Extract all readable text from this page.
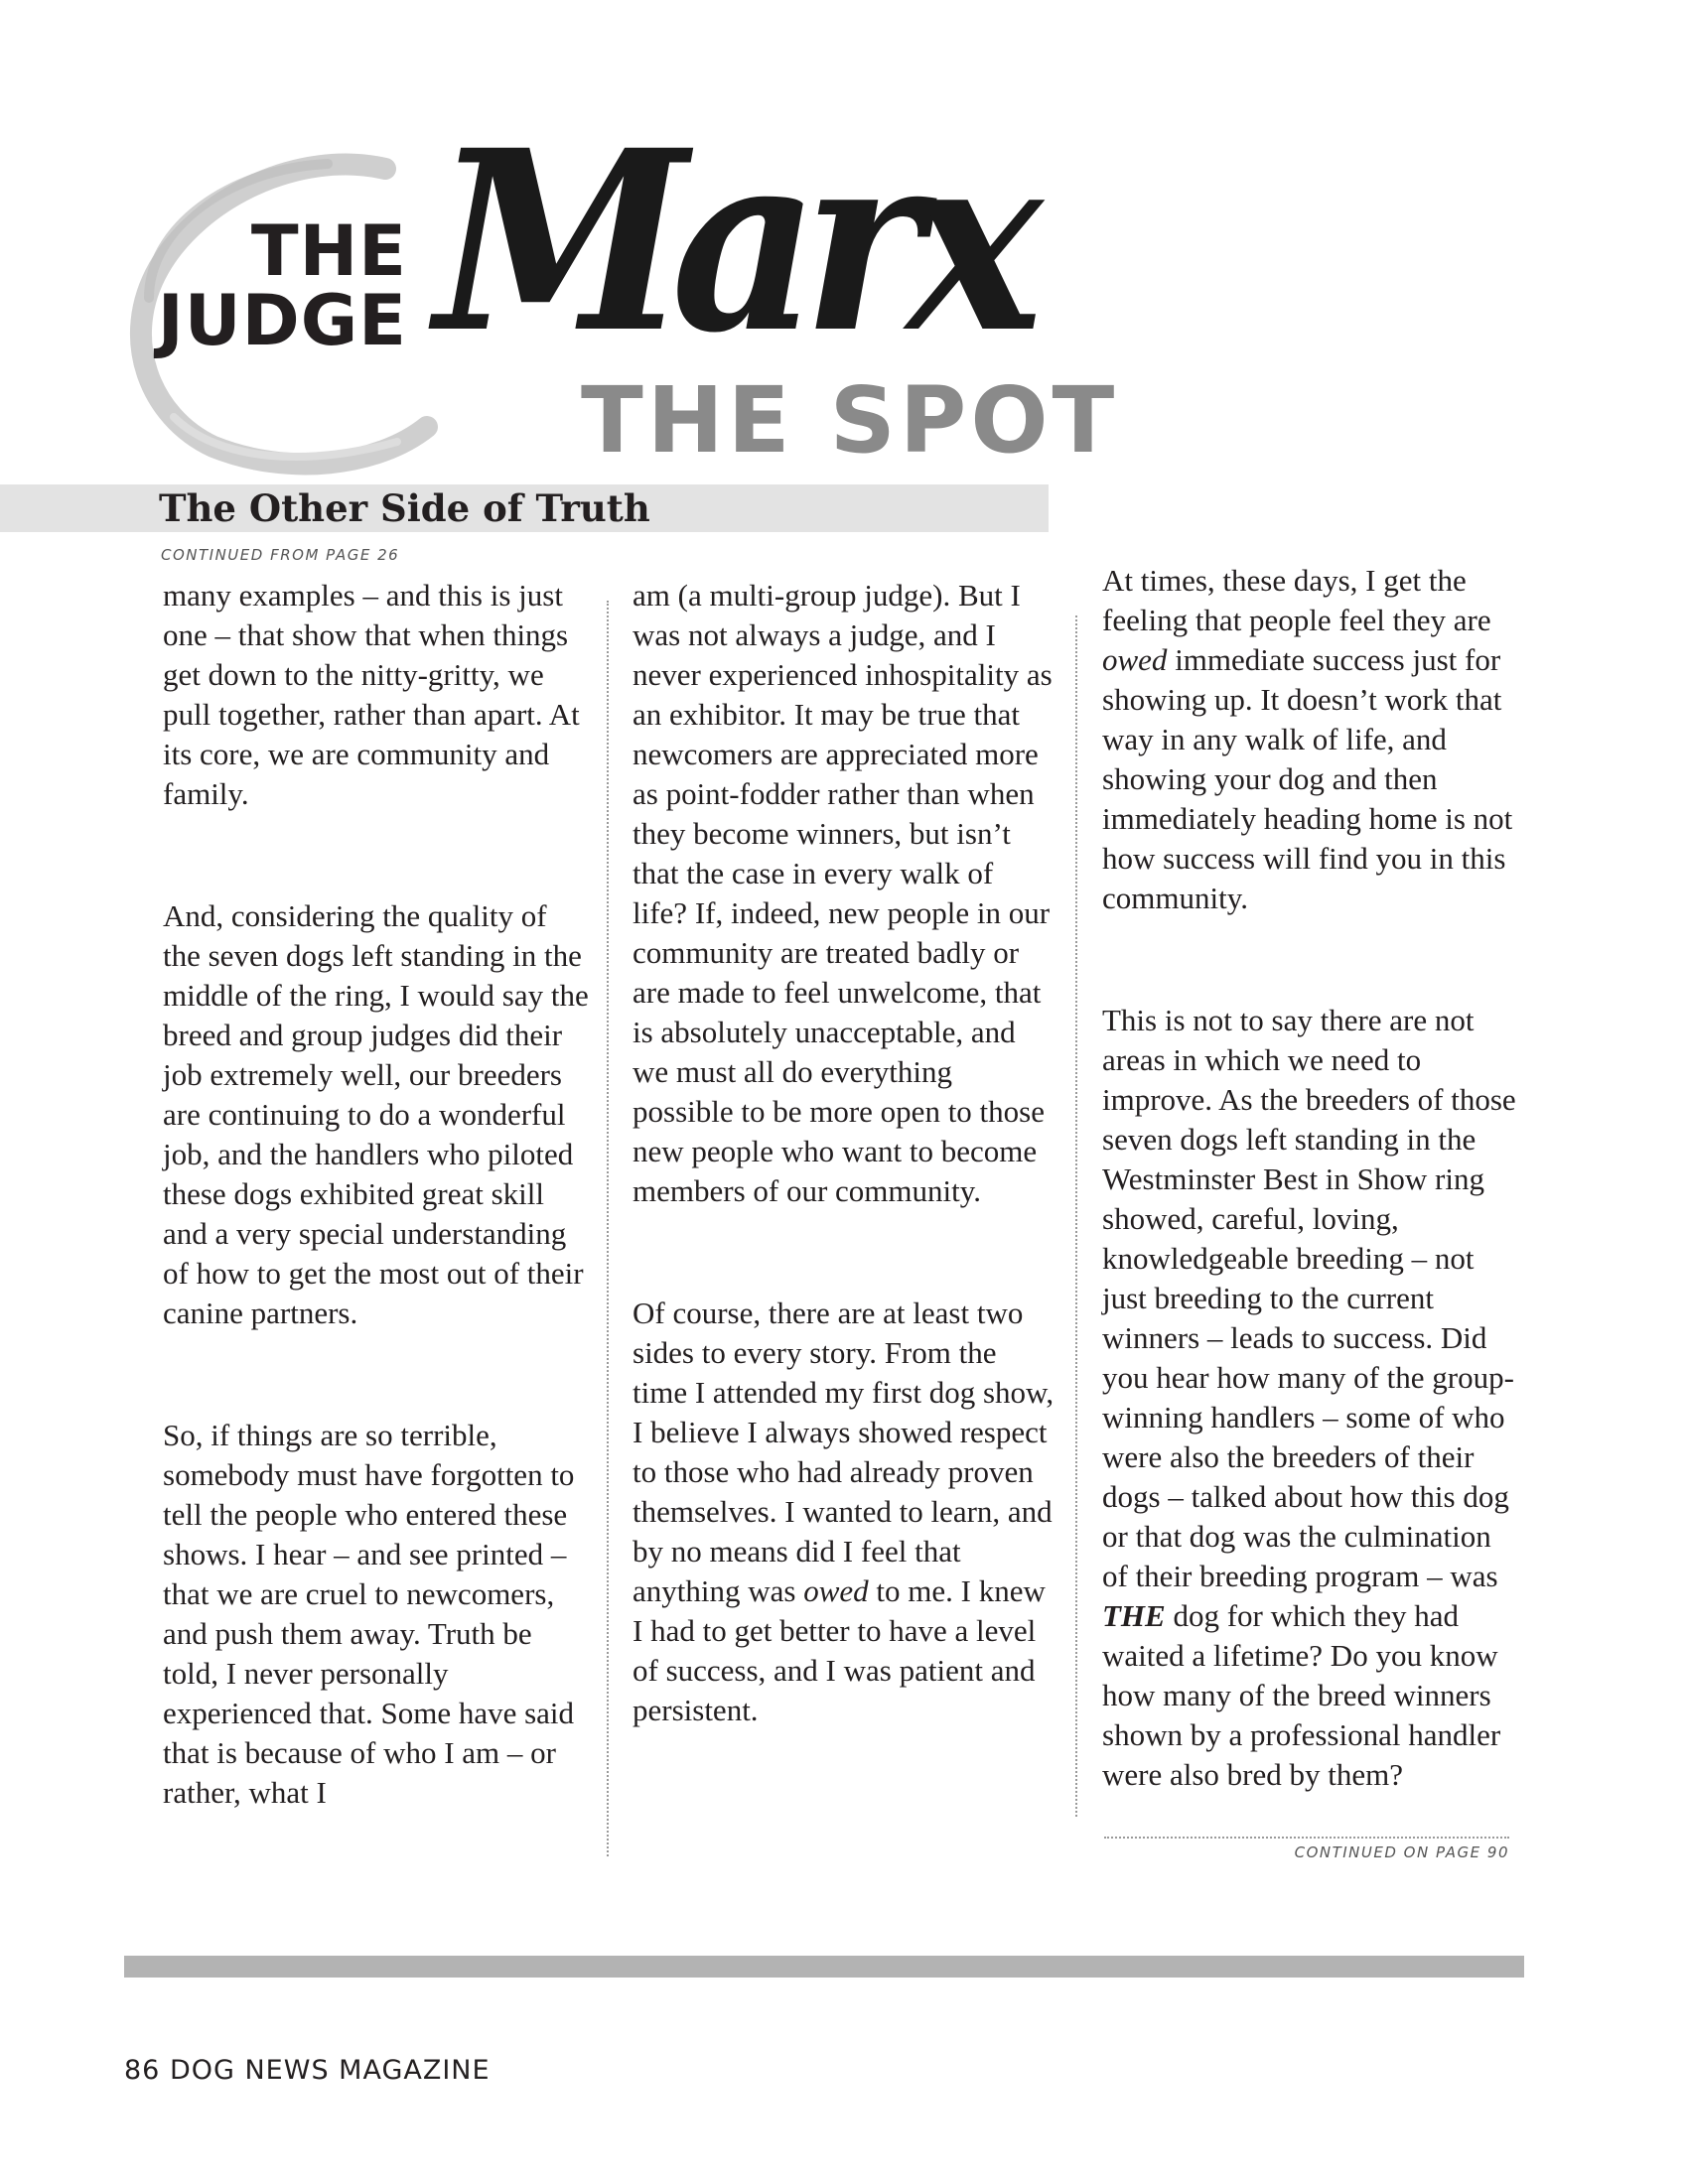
THE
JUDGE Marx
THE SPOT
The Other Side of Truth
CONTINUED FROM PAGE 26

many examples – and this is just one – that show that when things get down to the nitty-gritty, we pull together, rather than apart. At its core, we are community and family.

And, considering the quality of the seven dogs left standing in the middle of the ring, I would say the breed and group judges did their job extremely well, our breeders are continuing to do a wonderful job, and the handlers who piloted these dogs exhibited great skill and a very special understanding of how to get the most out of their canine partners.

So, if things are so terrible, somebody must have forgotten to tell the people who entered these shows. I hear – and see printed – that we are cruel to newcomers, and push them away. Truth be told, I never personally experienced that. Some have said that is because of who I am – or rather, what I

am (a multi-group judge). But I was not always a judge, and I never experienced inhospitality as an exhibitor. It may be true that newcomers are appreciated more as point-fodder rather than when they become winners, but isn’t that the case in every walk of life? If, indeed, new people in our community are treated badly or are made to feel unwelcome, that is absolutely unacceptable, and we must all do everything possible to be more open to those new people who want to become members of our community.

Of course, there are at least two sides to every story. From the time I attended my first dog show, I believe I always showed respect to those who had already proven themselves. I wanted to learn, and by no means did I feel that anything was owed to me. I knew I had to get better to have a level of success, and I was patient and persistent.

At times, these days, I get the feeling that people feel they are owed immediate success just for showing up. It doesn’t work that way in any walk of life, and showing your dog and then immediately heading home is not how success will find you in this community.

This is not to say there are not areas in which we need to improve. As the breeders of those seven dogs left standing in the Westminster Best in Show ring showed, careful, loving, knowledgeable breeding – not just breeding to the current winners – leads to success. Did you hear how many of the group-winning handlers – some of who were also the breeders of their dogs – talked about how this dog or that dog was the culmination of their breeding program – was THE dog for which they had waited a lifetime? Do you know how many of the breed winners shown by a professional handler were also bred by them?

CONTINUED ON PAGE 90
86 DOG NEWS MAGAZINE
